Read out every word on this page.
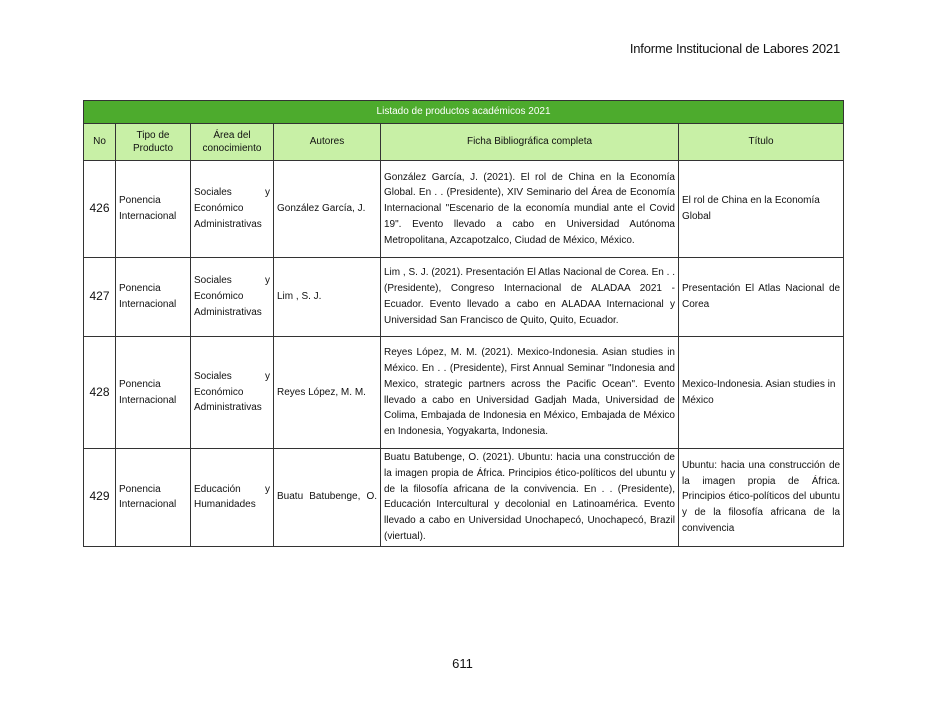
Informe Institucional de Labores 2021
Listado de productos académicos 2021					
No	Tipo de Producto	Área del conocimiento	Autores	Ficha Bibliográfica completa	Título
426	Ponencia Internacional	Sociales y Económico Administrativas	González García, J.	González García, J. (2021). El rol de China en la Economía Global. En . . (Presidente), XIV Seminario del Área de Economía Internacional "Escenario de la economía mundial ante el Covid 19". Evento llevado a cabo en Universidad Autónoma Metropolitana, Azcapotzalco, Ciudad de México, México.	El rol de China en la Economía Global
427	Ponencia Internacional	Sociales y Económico Administrativas	Lim , S. J.	Lim , S. J. (2021). Presentación El Atlas Nacional de Corea. En . . (Presidente), Congreso Internacional de ALADAA 2021 - Ecuador. Evento llevado a cabo en ALADAA Internacional y Universidad San Francisco de Quito, Quito, Ecuador.	Presentación El Atlas Nacional de Corea
428	Ponencia Internacional	Sociales y Económico Administrativas	Reyes López, M. M.	Reyes López, M. M. (2021). Mexico-Indonesia. Asian studies in México. En . . (Presidente), First Annual Seminar "Indonesia and Mexico, strategic partners across the Pacific Ocean". Evento llevado a cabo en Universidad Gadjah Mada, Universidad de Colima, Embajada de Indonesia en México, Embajada de México en Indonesia, Yogyakarta, Indonesia.	Mexico-Indonesia. Asian studies in México
429	Ponencia Internacional	Educación y Humanidades	Buatu Batubenge, O.	Buatu Batubenge, O. (2021). Ubuntu: hacia una construcción de la imagen propia de África. Principios ético-políticos del ubuntu y de la filosofía africana de la convivencia. En . . (Presidente), Educación Intercultural y decolonial en Latinoamérica. Evento llevado a cabo en Universidad Unochapecó, Unochapecó, Brazil (viertual).	Ubuntu: hacia una construcción de la imagen propia de África. Principios ético-políticos del ubuntu y de la filosofía africana de la convivencia
611
